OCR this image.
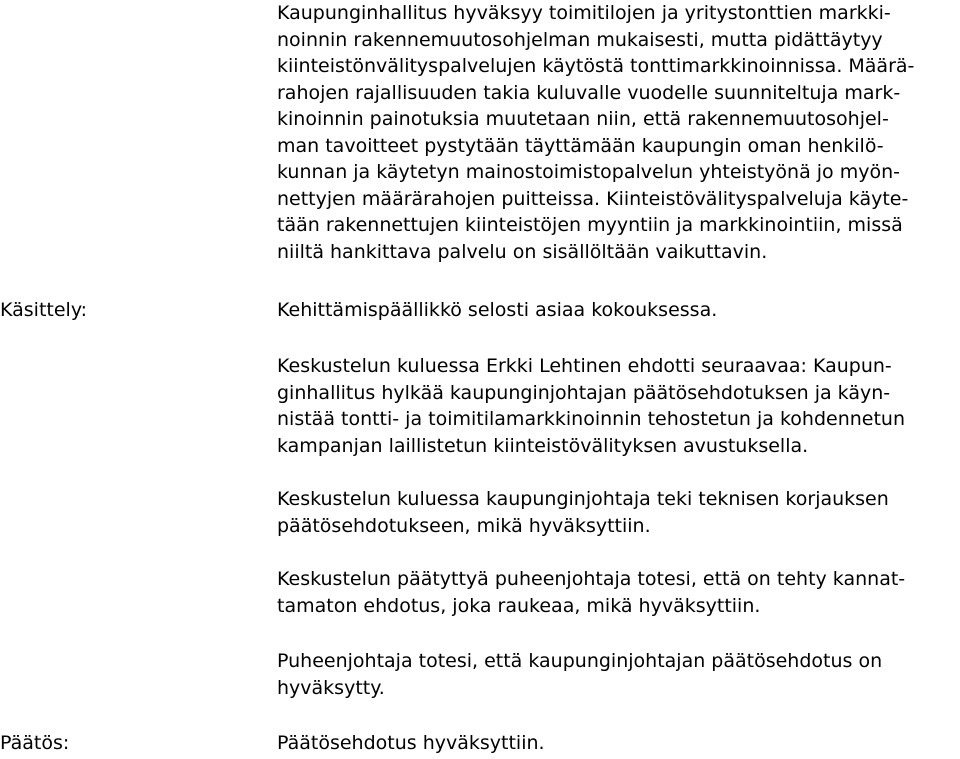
Kaupunginhallitus hyväksyy toimitilojen ja yritystonttien markki-
noinnin rakennemuutosohjelman mukaisesti, mutta pidättäytyy
kiinteistönvälityspalvelujen käytöstä tonttimarkkinoinnissa. Määrä-
rahojen rajallisuuden takia kuluvalle vuodelle suunniteltuja mark-
kinoinnin painotuksia muutetaan niin, että rakennemuutosohjel-
man tavoitteet pystytään täyttämään kaupungin oman henkilö-
kunnan ja käytetyn mainostoimistopalvelun yhteistyönä jo myön-
nettyjen määrärahojen puitteissa. Kiinteistövälityspalveluja käyte-
tään rakennettujen kiinteistöjen myyntiin ja markkinointiin, missä
niiltä hankittava palvelu on sisällöltään vaikuttavin.
Käsittely:	Kehittämispäällikkö selosti asiaa kokouksessa.
Keskustelun kuluessa Erkki Lehtinen ehdotti seuraavaa: Kaupun-
ginhallitus hylkää kaupunginjohtajan päätösehdotuksen ja käyn-
nistää tontti- ja toimitilamarkkinoinnin tehostetun ja kohdennetun
kampanjan laillistetun kiinteistövälityksen avustuksella.
Keskustelun kuluessa kaupunginjohtaja teki teknisen korjauksen
päätösehdotukseen, mikä hyväksyttiin.
Keskustelun päätyttyä puheenjohtaja totesi, että on tehty kannat-
tamaton ehdotus, joka raukeaa, mikä hyväksyttiin.
Puheenjohtaja totesi, että kaupunginjohtajan päätösehdotus on
hyväksytty.
Päätös:	Päätösehdotus hyväksyttiin.
